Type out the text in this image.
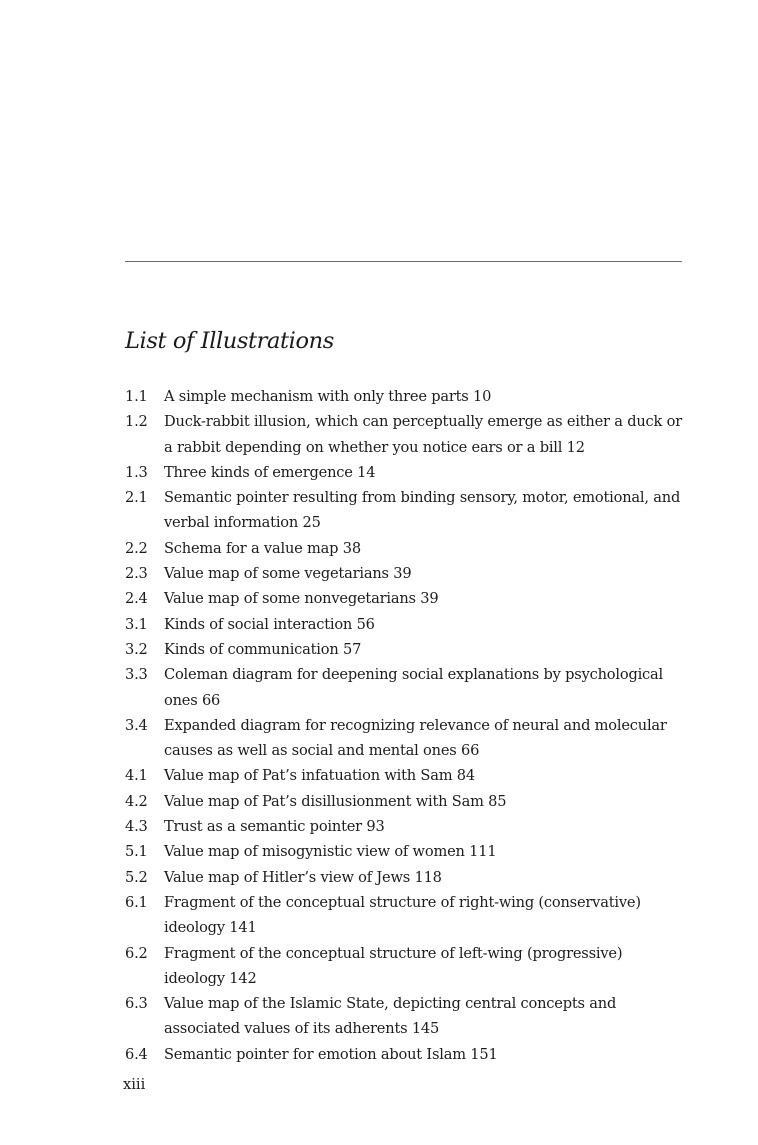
List of Illustrations
1.1	A simple mechanism with only three parts 10
1.2	Duck-rabbit illusion, which can perceptually emerge as either a duck or a rabbit depending on whether you notice ears or a bill 12
1.3	Three kinds of emergence 14
2.1	Semantic pointer resulting from binding sensory, motor, emotional, and verbal information 25
2.2	Schema for a value map 38
2.3	Value map of some vegetarians 39
2.4	Value map of some nonvegetarians 39
3.1	Kinds of social interaction 56
3.2	Kinds of communication 57
3.3	Coleman diagram for deepening social explanations by psychological ones 66
3.4	Expanded diagram for recognizing relevance of neural and molecular causes as well as social and mental ones 66
4.1	Value map of Pat’s infatuation with Sam 84
4.2	Value map of Pat’s disillusionment with Sam 85
4.3	Trust as a semantic pointer 93
5.1	Value map of misogynistic view of women 111
5.2	Value map of Hitler’s view of Jews 118
6.1	Fragment of the conceptual structure of right-wing (conservative) ideology 141
6.2	Fragment of the conceptual structure of left-wing (progressive) ideology 142
6.3	Value map of the Islamic State, depicting central concepts and associated values of its adherents 145
6.4	Semantic pointer for emotion about Islam 151
xiii
